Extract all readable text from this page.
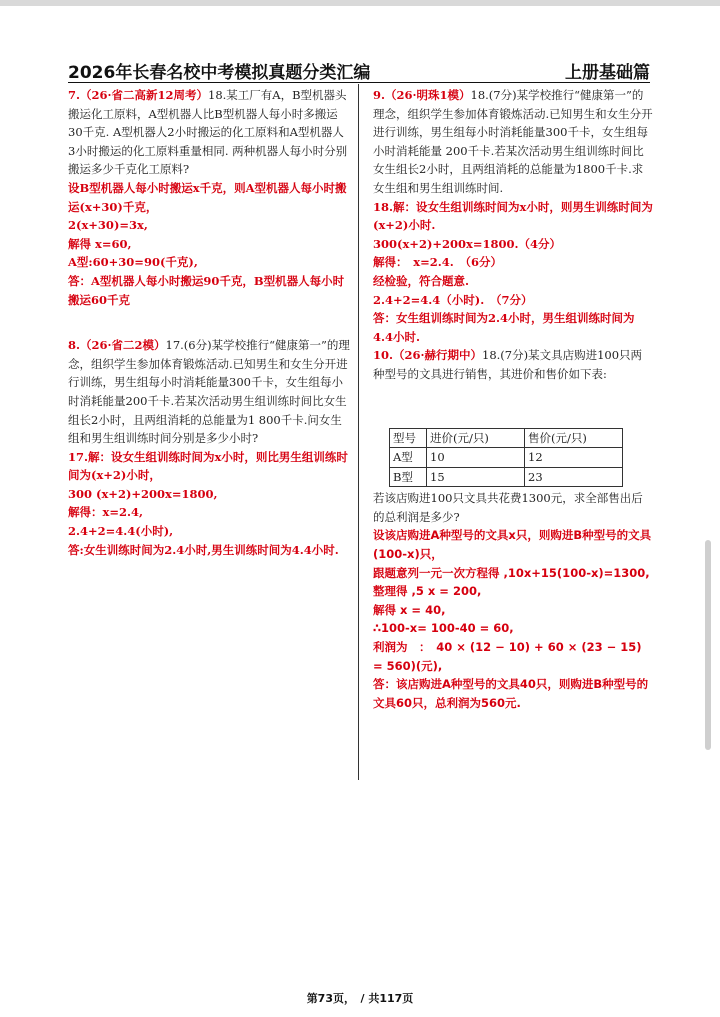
2026年长春名校中考模拟真题分类汇编	上册基础篇

7.（26·省二高新12周考）18.某工厂有A，B型机器头搬运化工原料，A型机器人比B型机器人每小时多搬运30千克. A型机器人2小时搬运的化工原料和A型机器人3小时搬运的化工原料重量相同. 两种机器人每小时分别搬运多少千克化工原料?

设B型机器人每小时搬运x千克，则A型机器人每小时搬运(x+30)千克，

2(x+30)=3x,

解得 x=60,

A型:60+30=90(千克),

答：A型机器人每小时搬运90千克，B型机器人每小时搬运60千克

8.（26·省二2模）17.(6分)某学校推行“健康第一”的理念，组织学生参加体育锻炼活动.已知男生和女生分开进行训练，男生组每小时消耗能量300千卡，女生组每小时消耗能量200千卡.若某次活动男生组训练时间比女生组长2小时，且两组消耗的总能量为1 800千卡.问女生组和男生组训练时间分别是多少小时?

17.解：设女生组训练时间为x小时，则比男生组训练时间为(x+2)小时，

300 (x+2)+200x=1800,

解得：x=2.4,

2.4+2=4.4(小时),

答:女生训练时间为2.4小时,男生训练时间为4.4小时.

9.（26·明珠1模）18.(7分)某学校推行“健康第一”的理念，组织学生参加体育锻炼活动.已知男生和女生分开进行训练，男生组每小时消耗能量300千卡，女生组每小时消耗能量 200千卡.若某次活动男生组训练时间比女生组长2小时，且两组消耗的总能量为1800千卡.求女生组和男生组训练时间.

18.解：设女生组训练时间为x小时，则男生训练时间为(x+2)小时.

300(x+2)+200x=1800.（4分）

解得：　x=2.4.　（6分）

经检验，符合题意.

2.4+2=4.4（小时).　（7分）

答：女生组训练时间为2.4小时，男生组训练时间为4.4小时.

10.（26·赫行期中）18.(7分)某文具店购进100只两种型号的文具进行销售，其进价和售价如下表:

型号	进价(元/只)	售价(元/只)
A型	10	12
B型	15	23

若该店购进100只文具共花费1300元，求全部售出后的总利润是多少?

设该店购进A种型号的文具x只，则购进B种型号的文具(100-x)只，

跟题意列一元一次方程得 ,10x+15(100-x)=1300,

整理得 ,5 x = 200,

解得 x = 40,

∴100-x= 100-40 = 60,

利润为　：　40 × (12 − 10) + 60 × (23 − 15) = 560)(元),

答：该店购进A种型号的文具40只，则购进B种型号的文具60只，总利润为560元.

第73页，　/ 共117页
